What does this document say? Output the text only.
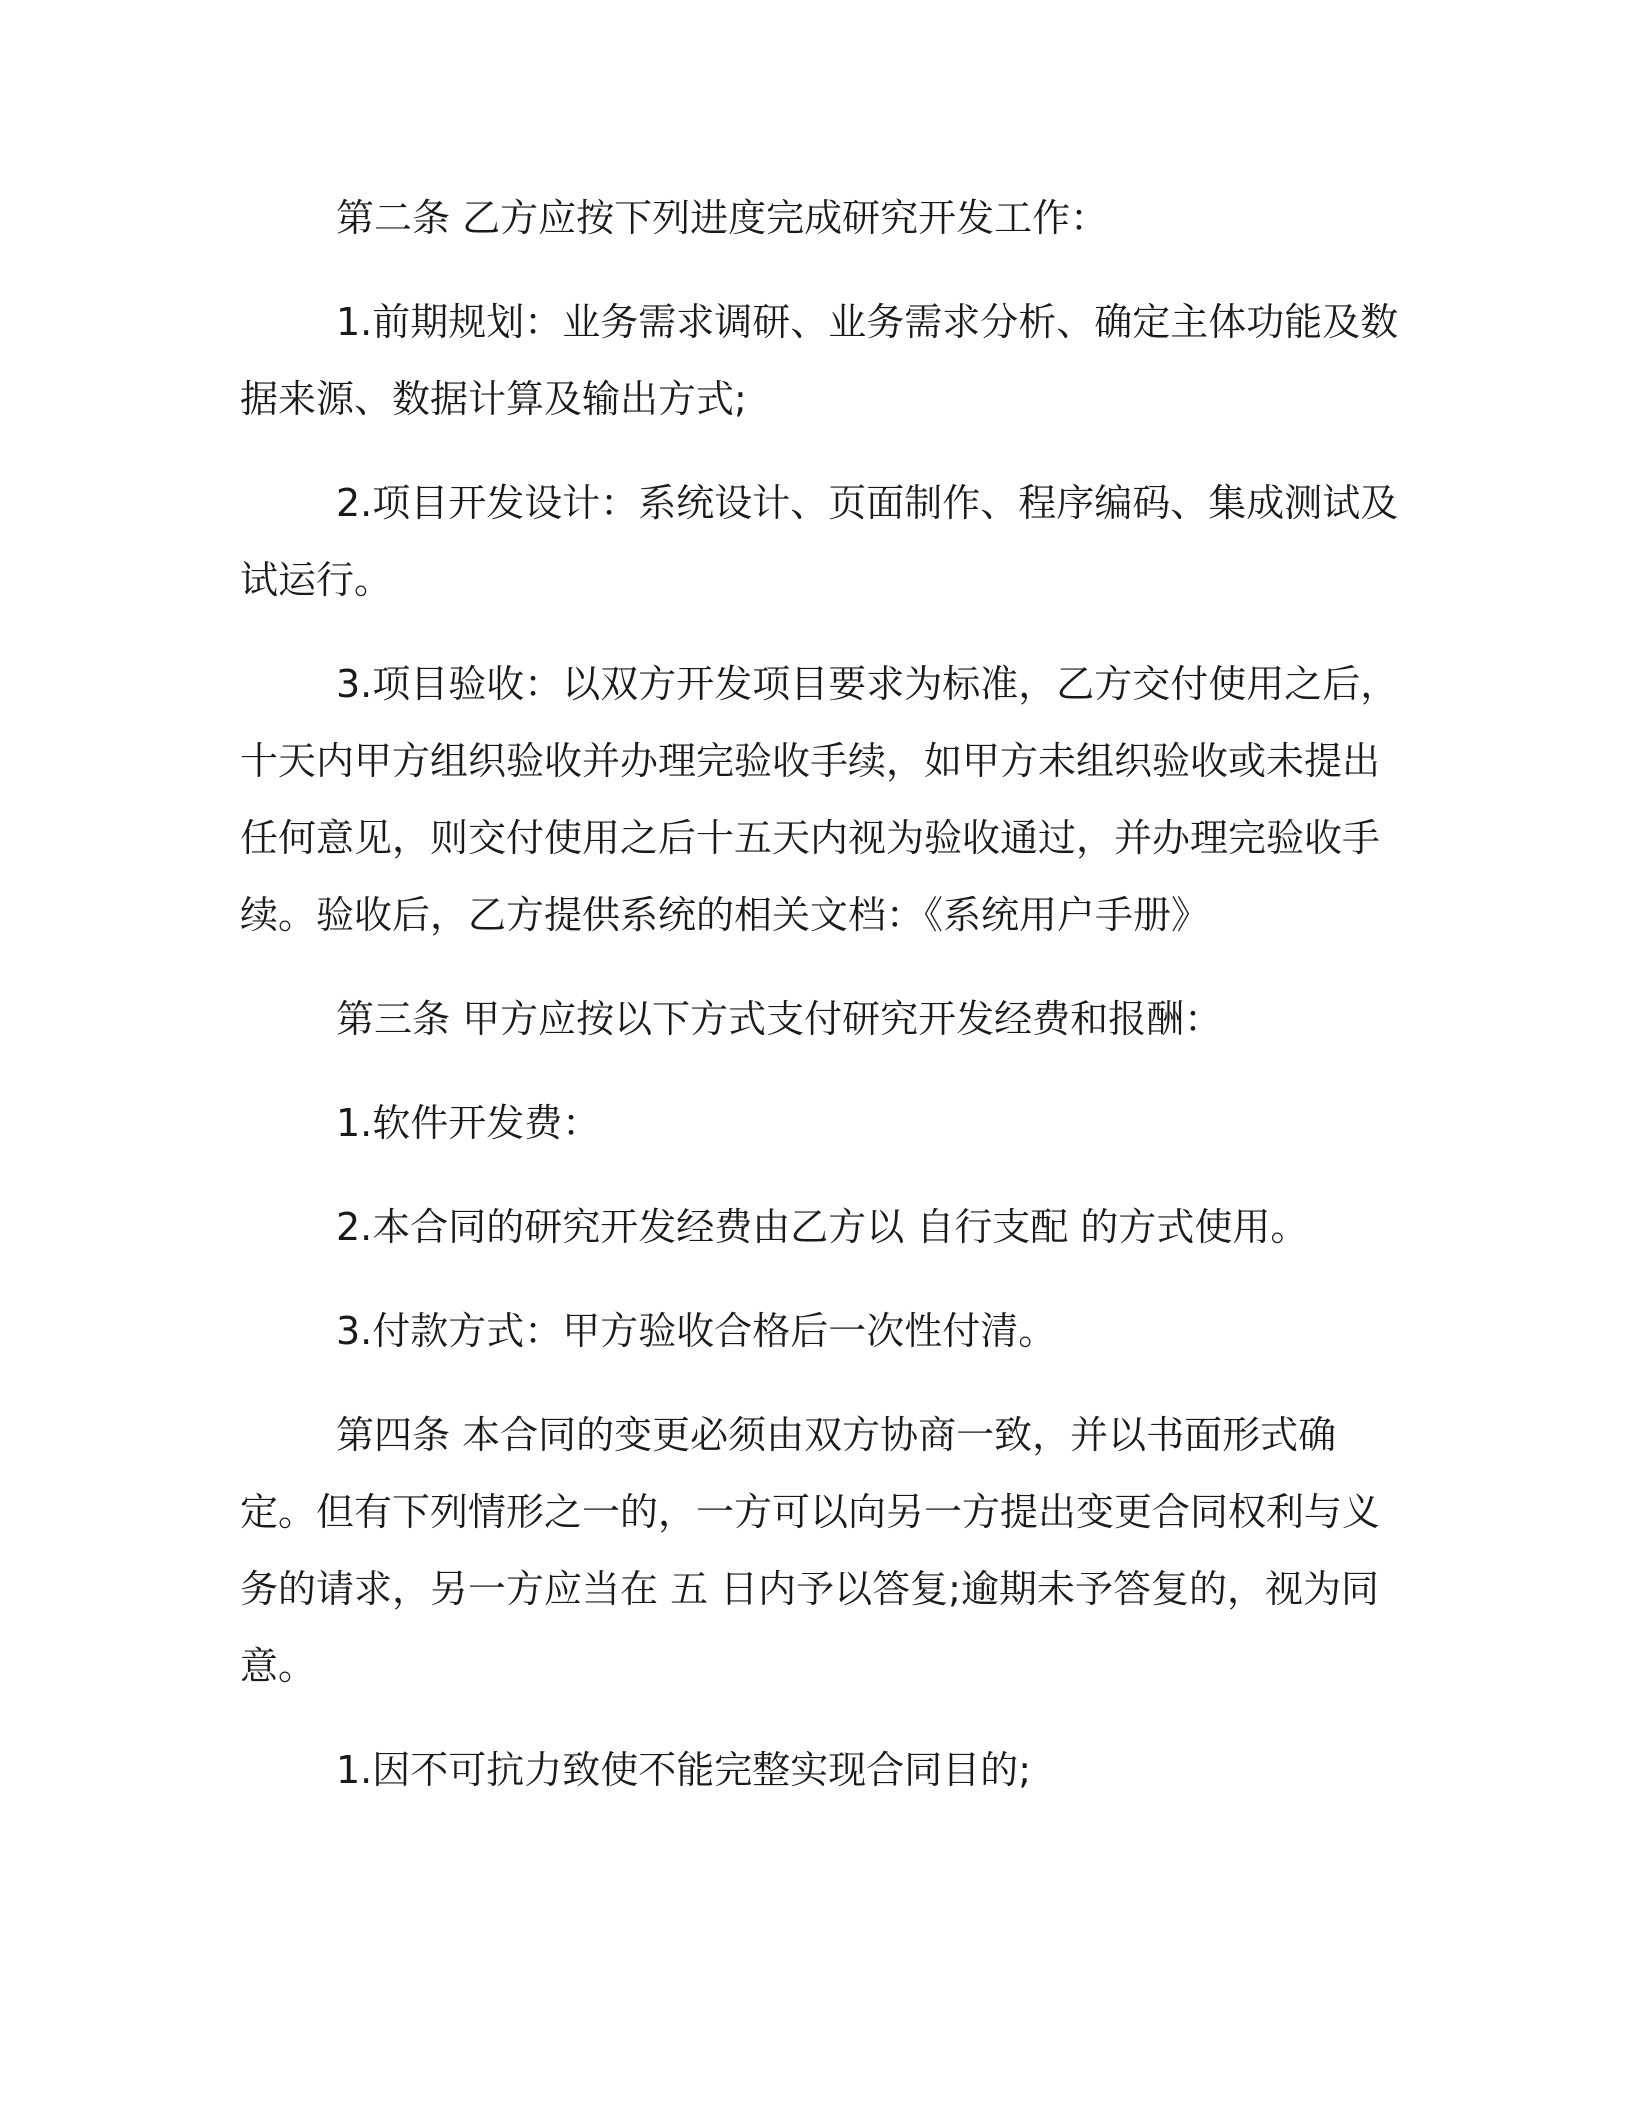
第二条 乙方应按下列进度完成研究开发工作：

1.前期规划：业务需求调研、业务需求分析、确定主体功能及数据来源、数据计算及输出方式;

2.项目开发设计：系统设计、页面制作、程序编码、集成测试及试运行。

3.项目验收：以双方开发项目要求为标准，乙方交付使用之后，十天内甲方组织验收并办理完验收手续，如甲方未组织验收或未提出任何意见，则交付使用之后十五天内视为验收通过，并办理完验收手续。验收后，乙方提供系统的相关文档：《系统用户手册》

第三条 甲方应按以下方式支付研究开发经费和报酬：

1.软件开发费：

2.本合同的研究开发经费由乙方以 自行支配 的方式使用。

3.付款方式：甲方验收合格后一次性付清。

第四条 本合同的变更必须由双方协商一致，并以书面形式确定。但有下列情形之一的，一方可以向另一方提出变更合同权利与义务的请求，另一方应当在 五 日内予以答复;逾期未予答复的，视为同意。

1.因不可抗力致使不能完整实现合同目的;
